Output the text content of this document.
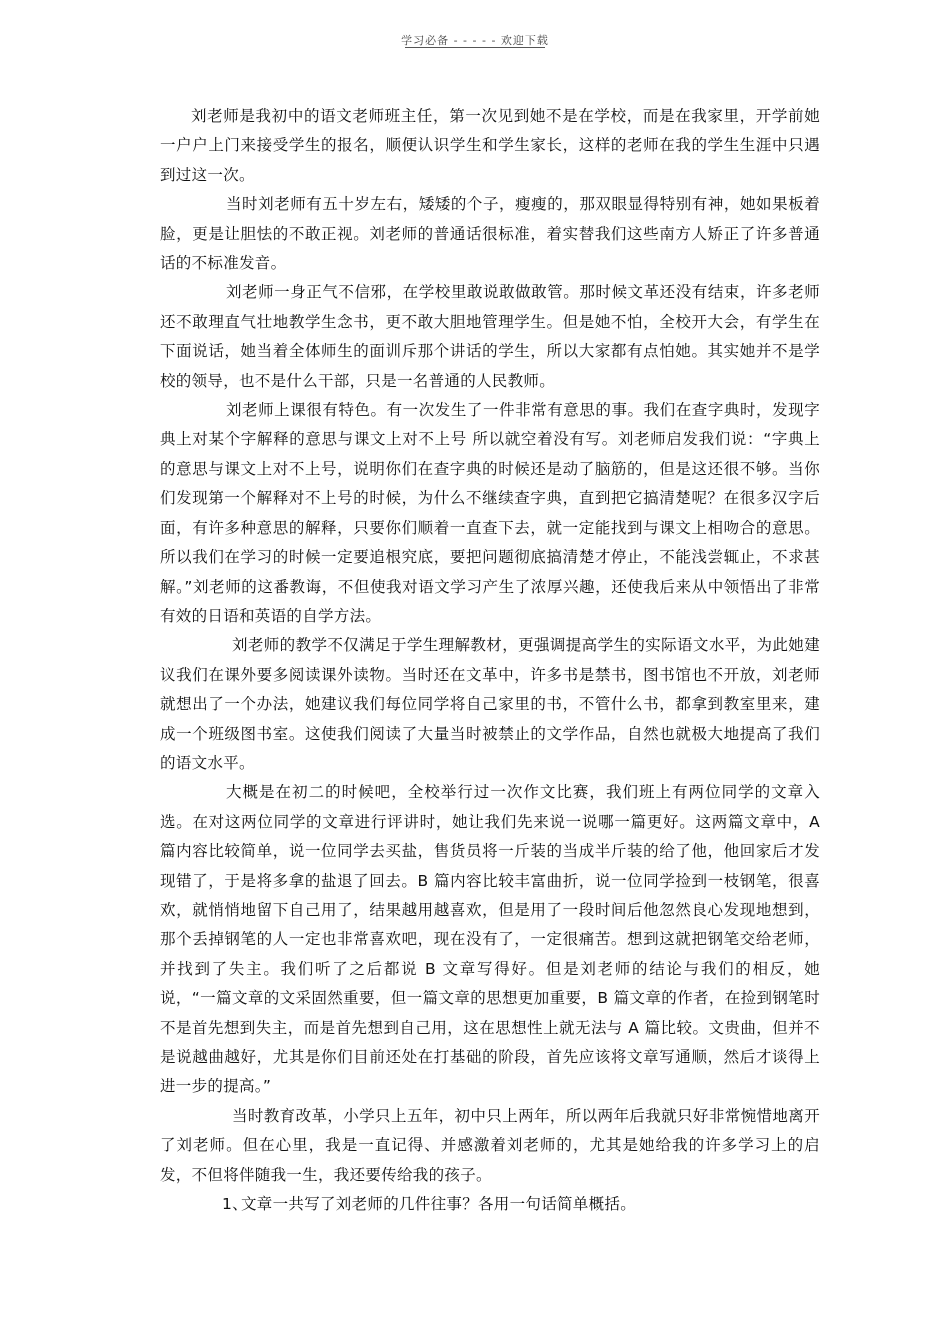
学习必备 - - - - - 欢迎下载

刘老师是我初中的语文老师班主任，第一次见到她不是在学校，而是在我家里，开学前她一户户上门来接受学生的报名，顺便认识学生和学生家长，这样的老师在我的学生生涯中只遇到过这一次。

当时刘老师有五十岁左右，矮矮的个子，瘦瘦的，那双眼显得特别有神，她如果板着脸，更是让胆怯的不敢正视。刘老师的普通话很标准，着实替我们这些南方人矫正了许多普通话的不标准发音。

刘老师一身正气不信邪，在学校里敢说敢做敢管。那时候文革还没有结束，许多老师还不敢理直气壮地教学生念书，更不敢大胆地管理学生。但是她不怕，全校开大会，有学生在下面说话，她当着全体师生的面训斥那个讲话的学生，所以大家都有点怕她。其实她并不是学校的领导，也不是什么干部，只是一名普通的人民教师。

刘老师上课很有特色。有一次发生了一件非常有意思的事。我们在查字典时，发现字典上对某个字解释的意思与课文上对不上号 所以就空着没有写。刘老师启发我们说：“字典上的意思与课文上对不上号，说明你们在查字典的时候还是动了脑筋的，但是这还很不够。当你们发现第一个解释对不上号的时候，为什么不继续查字典，直到把它搞清楚呢？在很多汉字后面，有许多种意思的解释，只要你们顺着一直查下去，就一定能找到与课文上相吻合的意思。所以我们在学习的时候一定要追根究底，要把问题彻底搞清楚才停止，不能浅尝辄止，不求甚解。”刘老师的这番教诲，不但使我对语文学习产生了浓厚兴趣，还使我后来从中领悟出了非常有效的日语和英语的自学方法。

刘老师的教学不仅满足于学生理解教材，更强调提高学生的实际语文水平，为此她建议我们在课外要多阅读课外读物。当时还在文革中，许多书是禁书，图书馆也不开放，刘老师就想出了一个办法，她建议我们每位同学将自己家里的书，不管什么书，都拿到教室里来，建成一个班级图书室。这使我们阅读了大量当时被禁止的文学作品，自然也就极大地提高了我们的语文水平。

大概是在初二的时候吧，全校举行过一次作文比赛，我们班上有两位同学的文章入选。在对这两位同学的文章进行评讲时，她让我们先来说一说哪一篇更好。这两篇文章中，A 篇内容比较简单，说一位同学去买盐，售货员将一斤装的当成半斤装的给了他，他回家后才发现错了，于是将多拿的盐退了回去。B 篇内容比较丰富曲折，说一位同学捡到一枝钢笔，很喜欢，就悄悄地留下自己用了，结果越用越喜欢，但是用了一段时间后他忽然良心发现地想到，那个丢掉钢笔的人一定也非常喜欢吧，现在没有了，一定很痛苦。想到这就把钢笔交给老师，并找到了失主。我们听了之后都说 B 文章写得好。但是刘老师的结论与我们的相反，她说，“一篇文章的文采固然重要，但一篇文章的思想更加重要，B 篇文章的作者，在捡到钢笔时不是首先想到失主，而是首先想到自己用，这在思想性上就无法与 A 篇比较。文贵曲，但并不是说越曲越好，尤其是你们目前还处在打基础的阶段，首先应该将文章写通顺，然后才谈得上进一步的提高。”

当时教育改革，小学只上五年，初中只上两年，所以两年后我就只好非常惋惜地离开了刘老师。但在心里，我是一直记得、并感激着刘老师的，尤其是她给我的许多学习上的启发，不但将伴随我一生，我还要传给我的孩子。

1、文章一共写了刘老师的几件往事？各用一句话简单概括。
